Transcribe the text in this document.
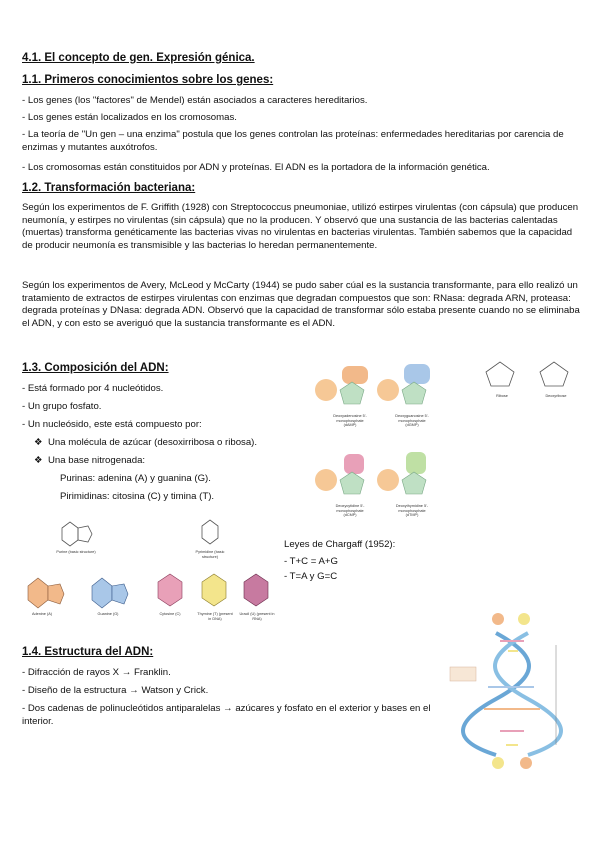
4.1. El concepto de gen. Expresión génica.
1.1. Primeros conocimientos sobre los genes:
- Los genes (los "factores" de Mendel) están asociados a caracteres hereditarios.
- Los genes están localizados en los cromosomas.
- La teoría de "Un gen – una enzima" postula que los genes controlan las proteínas: enfermedades hereditarias por carencia de enzimas y mutantes auxótrofos.
- Los cromosomas están constituidos por ADN y proteínas. El ADN es la portadora de la información genética.
1.2. Transformación bacteriana:
Según los experimentos de F. Griffith (1928) con Streptococcus pneumoniae, utilizó estirpes virulentas (con cápsula) que producen neumonía, y estirpes no virulentas (sin cápsula) que no la producen. Y observó que una sustancia de las bacterias calentadas (muertas) transforma genéticamente las bacterias vivas no virulentas en bacterias virulentas. También sabemos que la capacidad de producir neumonía es transmisible y las bacterias lo heredan permanentemente.
Según los experimentos de Avery, McLeod y McCarty (1944) se pudo saber cúal es la sustancia transformante, para ello realizó un tratamiento de extractos de estirpes virulentas con enzimas que degradan compuestos que son: RNasa: degrada ARN, proteasa: degrada proteínas y DNasa: degrada ADN. Observó que la capacidad de transformar sólo estaba presente cuando no se eliminaba el ADN, y con esto se averiguó que la sustancia transformante es el ADN.
1.3. Composición del ADN:
- Está formado por 4 nucleótidos.
- Un grupo fosfato.
- Un nucleósido, este está compuesto por:
❖ Una molécula de azúcar (desoxirribosa o ribosa).
❖ Una base nitrogenada:
Purinas: adenina (A) y guanina (G).
Pirimidinas: citosina (C) y timina (T).
Leyes de Chargaff (1952):
- T+C = A+G
- T=A y G=C
Deoxyadenosine 5'-monophosphate (dAMP)
Deoxyguanosine 5'-monophosphate (dGMP)
Deoxycytidine 5'-monophosphate (dCMP)
Deoxythymidine 5'-monophosphate (dTMP)
Ribose	Deoxyribose
Purine (basic structure)	Pyrimidine (basic structure)
Adenine (A)	Guanine (G)	Cytosine (C)	Thymine (T) (present in DNA)
Uracil (U) (present in RNA)
1.4. Estructura del ADN:
- Difracción de rayos X → Franklin.
- Diseño de la estructura → Watson y Crick.
- Dos cadenas de polinucleótidos antiparalelas → azúcares y fosfato en el exterior y bases en el interior.
